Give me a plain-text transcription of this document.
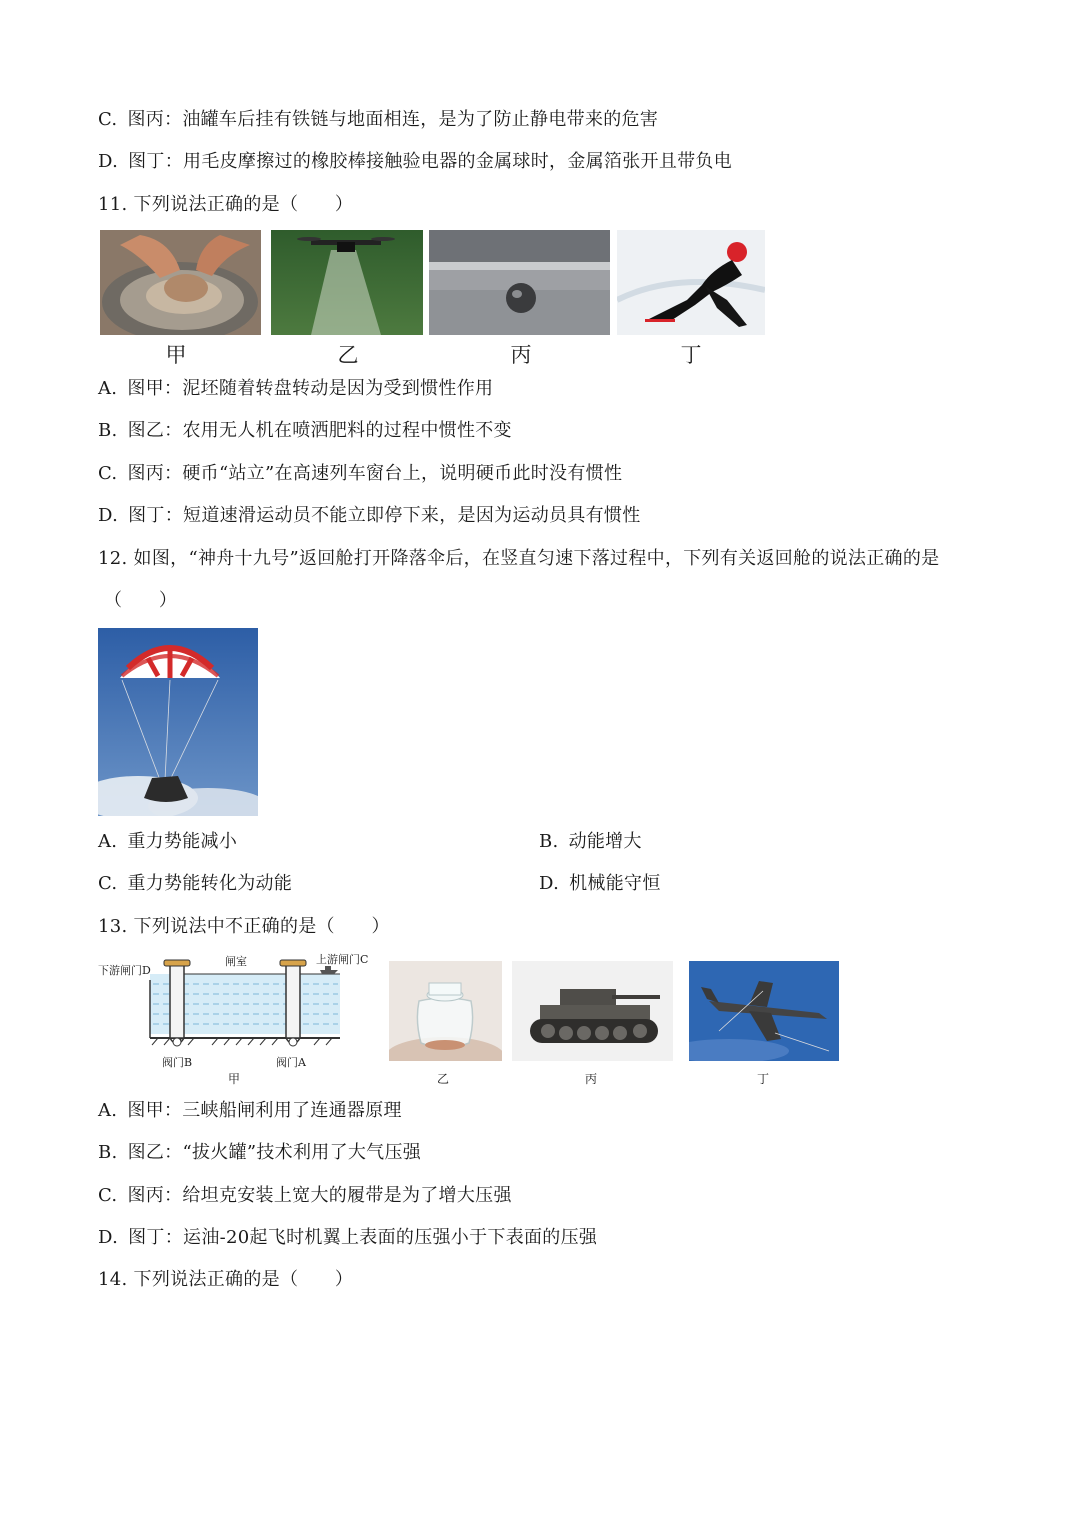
C. 图丙：油罐车后挂有铁链与地面相连，是为了防止静电带来的危害
D. 图丁：用毛皮摩擦过的橡胶棒接触验电器的金属球时，金属箔张开且带负电
11. 下列说法正确的是（　　）
甲	乙	丙	丁
A. 图甲：泥坯随着转盘转动是因为受到惯性作用
B. 图乙：农用无人机在喷洒肥料的过程中惯性不变
C. 图丙：硬币“站立”在高速列车窗台上，说明硬币此时没有惯性
D. 图丁：短道速滑运动员不能立即停下来，是因为运动员具有惯性
12. 如图，“神舟十九号”返回舱打开降落伞后，在竖直匀速下落过程中，下列有关返回舱的说法正确的是
（　　）
A. 重力势能减小	B. 动能增大
C. 重力势能转化为动能	D. 机械能守恒
13. 下列说法中不正确的是（　　）
下游闸门D
闸室	上游闸门C
阀门B	阀门A
甲	乙	丙	丁
A. 图甲：三峡船闸利用了连通器原理
B. 图乙：“拔火罐”技术利用了大气压强
C. 图丙：给坦克安装上宽大的履带是为了增大压强
D. 图丁：运油-20起飞时机翼上表面的压强小于下表面的压强
14. 下列说法正确的是（　　）
